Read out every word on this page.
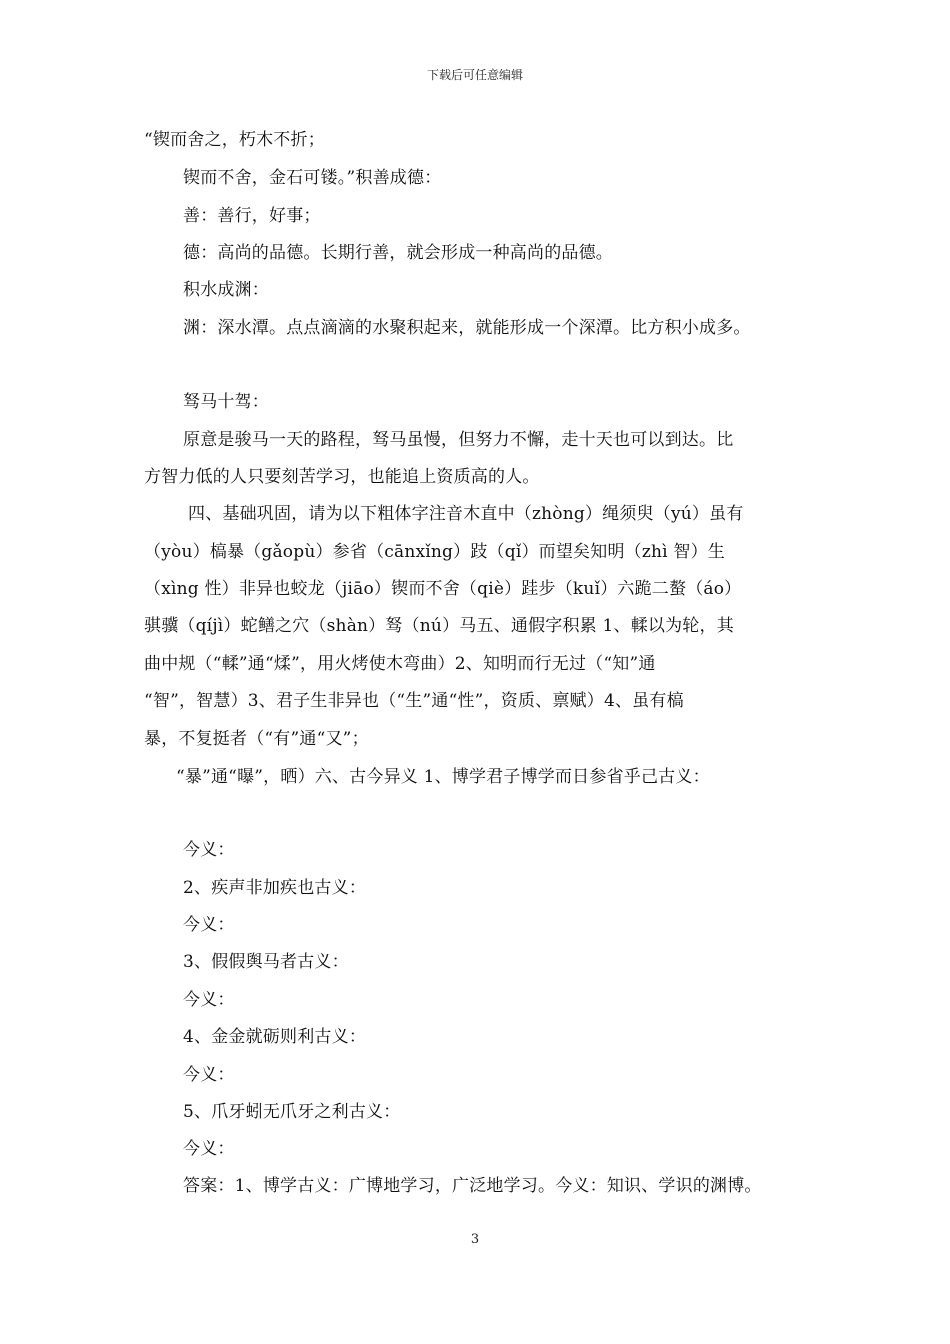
下载后可任意编辑
“锲而舍之，朽木不折；
锲而不舍，金石可镂。”积善成德：
善：善行，好事；
德：高尚的品德。长期行善，就会形成一种高尚的品德。
积水成渊：
渊：深水潭。点点滴滴的水聚积起来，就能形成一个深潭。比方积小成多。
驽马十驾：
原意是骏马一天的路程，驽马虽慢，但努力不懈，走十天也可以到达。比
方智力低的人只要刻苦学习，也能追上资质高的人。
四、基础巩固，请为以下粗体字注音木直中（zhòng）绳须臾（yú）虽有
（yòu）槁暴（gǎopù）参省（cānxǐng）跂（qǐ）而望矣知明（zhì 智）生
（xìng 性）非异也蛟龙（jiāo）锲而不舍（qiè）跬步（kuǐ）六跪二螯（áo）
骐骥（qíjì）蛇鳝之穴（shàn）驽（nú）马五、通假字积累 1、輮以为轮，其
曲中规（“輮”通“煣”，用火烤使木弯曲）2、知明而行无过（“知”通
“智”，智慧）3、君子生非异也（“生”通“性”，资质、禀赋）4、虽有槁
暴，不复挺者（“有”通“又”；
“暴”通“曝”，晒）六、古今异义 1、博学君子博学而日参省乎己古义：
今义：
2、疾声非加疾也古义：
今义：
3、假假舆马者古义：
今义：
4、金金就砺则利古义：
今义：
5、爪牙蚓无爪牙之利古义：
今义：
答案：1、博学古义：广博地学习，广泛地学习。今义：知识、学识的渊博。
3
